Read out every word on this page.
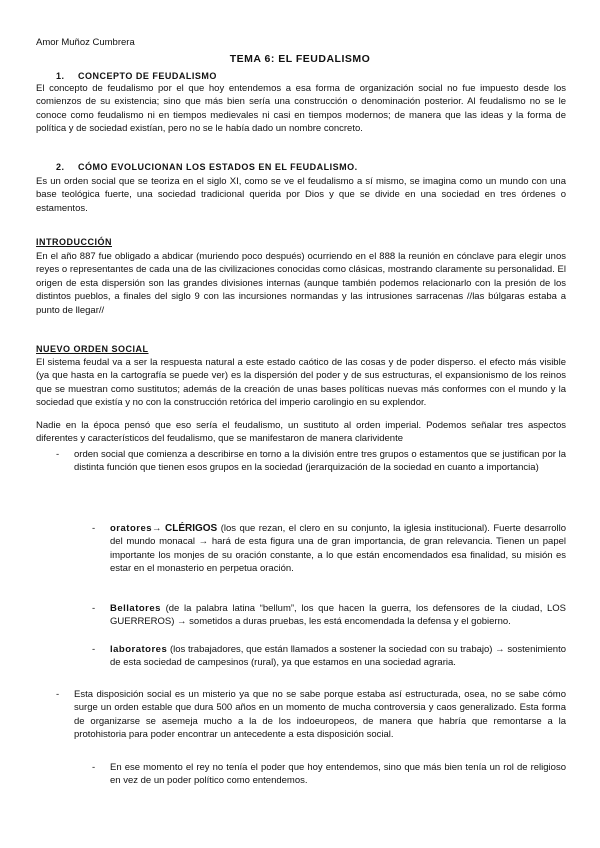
Amor Muñoz Cumbrera
TEMA 6: EL FEUDALISMO
1. CONCEPTO DE FEUDALISMO

El concepto de feudalismo por el que hoy entendemos a esa forma de organización social no fue impuesto desde los comienzos de su existencia; sino que más bien sería una construcción o denominación posterior. Al feudalismo no se le conoce como feudalismo ni en tiempos medievales ni casi en tiempos modernos; de manera que las ideas y la forma de política y de sociedad existían, pero no se le había dado un nombre concreto.

2. CÓMO EVOLUCIONAN LOS ESTADOS EN EL FEUDALISMO.

Es un orden social que se teoriza en el siglo XI, como se ve el feudalismo a sí mismo, se imagina como un mundo con una base teológica fuerte, una sociedad tradicional querida por Dios y que se divide en una sociedad en tres órdenes o estamentos.

INTRODUCCIÓN

En el año 887 fue obligado a abdicar (muriendo poco después) ocurriendo en el 888 la reunión en cónclave para elegir unos reyes o representantes de cada una de las civilizaciones conocidas como clásicas, mostrando claramente su personalidad. El origen de esta dispersión son las grandes divisiones internas (aunque también podemos relacionarlo con la presión de los distintos pueblos, a finales del siglo 9 con las incursiones normandas y las intrusiones sarracenas //las búlgaras estaba a punto de llegar//

NUEVO ORDEN SOCIAL

El sistema feudal va a ser la respuesta natural a este estado caótico de las cosas y de poder disperso. el efecto más visible (ya que hasta en la cartografía se puede ver) es la dispersión del poder y de sus estructuras, el expansionismo de los reinos que se muestran como sustitutos; además de la creación de unas bases políticas nuevas más conformes con el mundo y la sociedad que existía y no con la construcción retórica del imperio carolingio en su explendor.

Nadie en la época pensó que eso sería el feudalismo, un sustituto al orden imperial. Podemos señalar tres aspectos diferentes y característicos del feudalismo, que se manifestaron de manera clarividente

- orden social que comienza a describirse en torno a la división entre tres grupos o estamentos que se justifican por la distinta función que tienen esos grupos en la sociedad (jerarquización de la sociedad en cuanto a importancia)

- oratores→ CLÉRIGOS (los que rezan, el clero en su conjunto, la iglesia institucional). Fuerte desarrollo del mundo monacal → hará de esta figura una de gran importancia, de gran relevancia. Tienen un papel importante los monjes de su oración constante, a lo que están encomendados esa finalidad, su misión es estar en el monasterio en perpetua oración.

- Bellatores (de la palabra latina “bellum”, los que hacen la guerra, los defensores de la ciudad, LOS GUERREROS) → sometidos a duras pruebas, les está encomendada la defensa y el gobierno.

- laboratores (los trabajadores, que están llamados a sostener la sociedad con su trabajo) → sostenimiento de esta sociedad de campesinos (rural), ya que estamos en una sociedad agraria.

- Esta disposición social es un misterio ya que no se sabe porque estaba así estructurada, osea, no se sabe cómo surge un orden estable que dura 500 años en un momento de mucha controversia y caos generalizado. Esta forma de organizarse se asemeja mucho a la de los indoeuropeos, de manera que habría que remontarse a la protohistoria para poder encontrar un antecedente a esta disposición social.

- En ese momento el rey no tenía el poder que hoy entendemos, sino que más bien tenía un rol de religioso en vez de un poder político como entendemos.
